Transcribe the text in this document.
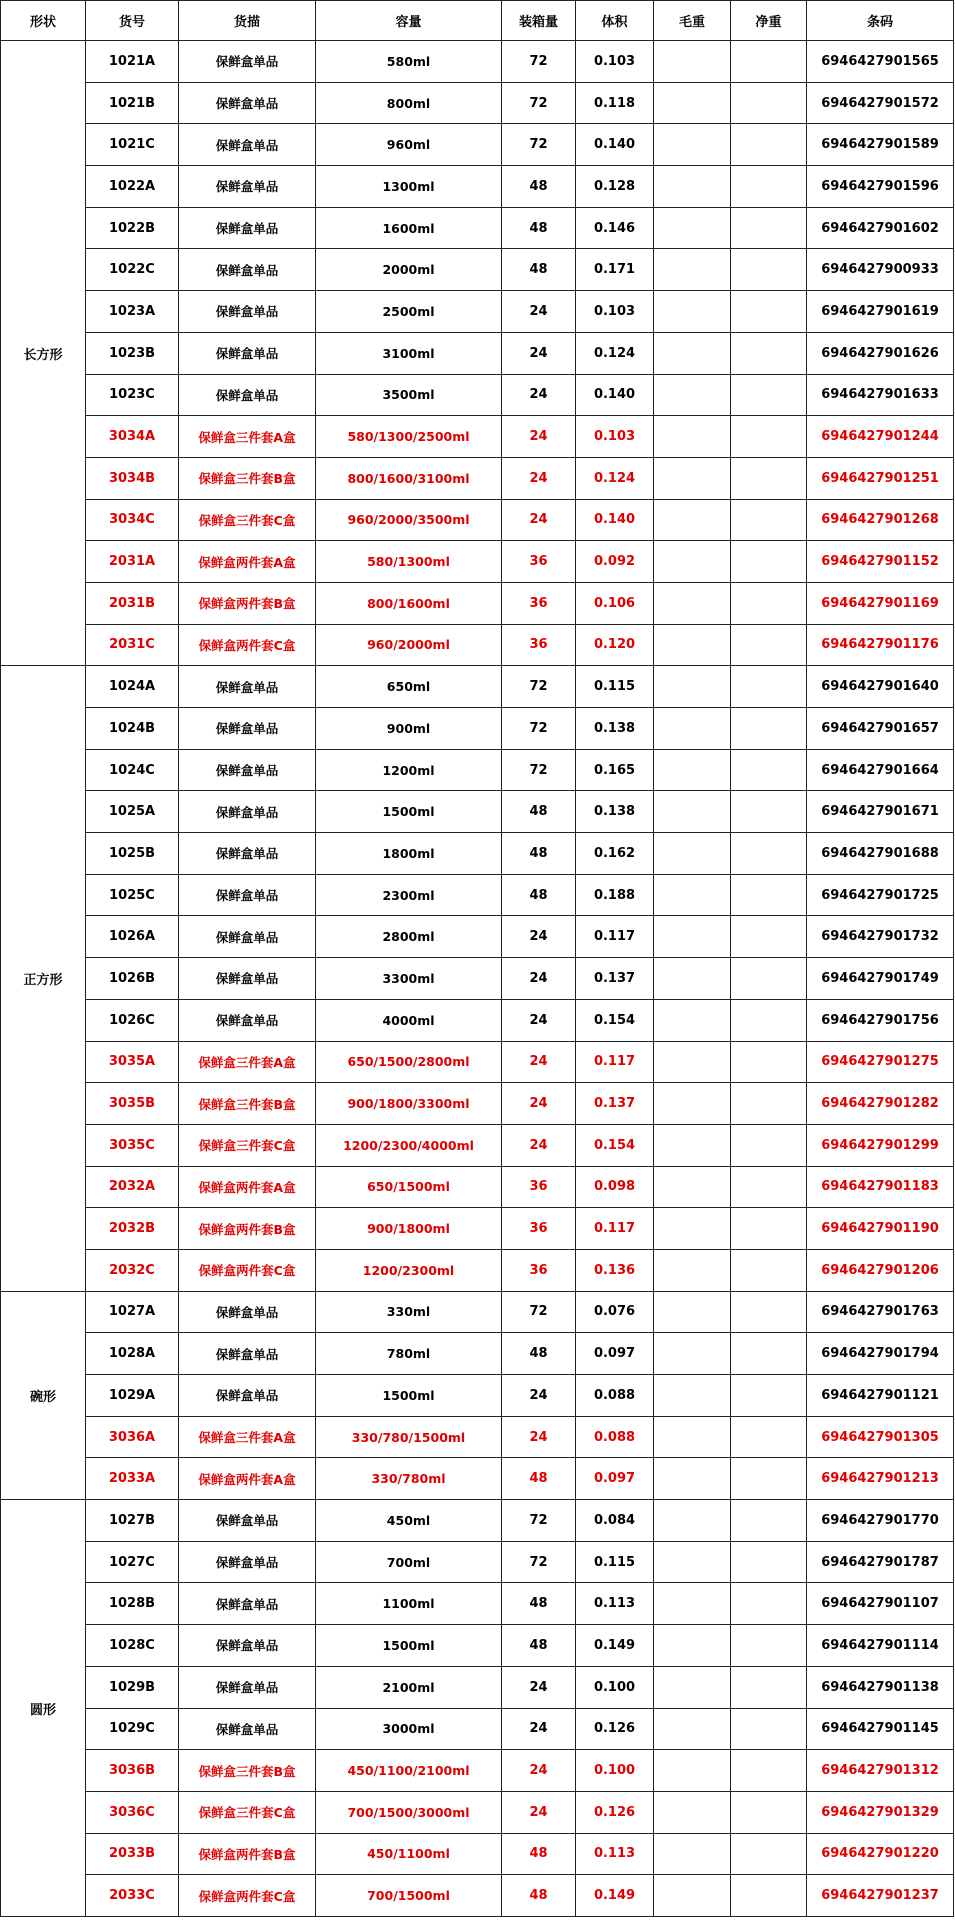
形状	货号	货描	容量	装箱量	体积	毛重	净重	条码
长方形	1021A	保鲜盒单品	580ml	72	0.103			6946427901565
	1021B	保鲜盒单品	800ml	72	0.118			6946427901572
	1021C	保鲜盒单品	960ml	72	0.140			6946427901589
	1022A	保鲜盒单品	1300ml	48	0.128			6946427901596
	1022B	保鲜盒单品	1600ml	48	0.146			6946427901602
	1022C	保鲜盒单品	2000ml	48	0.171			6946427900933
	1023A	保鲜盒单品	2500ml	24	0.103			6946427901619
	1023B	保鲜盒单品	3100ml	24	0.124			6946427901626
	1023C	保鲜盒单品	3500ml	24	0.140			6946427901633
	3034A	保鲜盒三件套A盒	580/1300/2500ml	24	0.103			6946427901244
	3034B	保鲜盒三件套B盒	800/1600/3100ml	24	0.124			6946427901251
	3034C	保鲜盒三件套C盒	960/2000/3500ml	24	0.140			6946427901268
	2031A	保鲜盒两件套A盒	580/1300ml	36	0.092			6946427901152
	2031B	保鲜盒两件套B盒	800/1600ml	36	0.106			6946427901169
	2031C	保鲜盒两件套C盒	960/2000ml	36	0.120			6946427901176
正方形	1024A	保鲜盒单品	650ml	72	0.115			6946427901640
	1024B	保鲜盒单品	900ml	72	0.138			6946427901657
	1024C	保鲜盒单品	1200ml	72	0.165			6946427901664
	1025A	保鲜盒单品	1500ml	48	0.138			6946427901671
	1025B	保鲜盒单品	1800ml	48	0.162			6946427901688
	1025C	保鲜盒单品	2300ml	48	0.188			6946427901725
	1026A	保鲜盒单品	2800ml	24	0.117			6946427901732
	1026B	保鲜盒单品	3300ml	24	0.137			6946427901749
	1026C	保鲜盒单品	4000ml	24	0.154			6946427901756
	3035A	保鲜盒三件套A盒	650/1500/2800ml	24	0.117			6946427901275
	3035B	保鲜盒三件套B盒	900/1800/3300ml	24	0.137			6946427901282
	3035C	保鲜盒三件套C盒	1200/2300/4000ml	24	0.154			6946427901299
	2032A	保鲜盒两件套A盒	650/1500ml	36	0.098			6946427901183
	2032B	保鲜盒两件套B盒	900/1800ml	36	0.117			6946427901190
	2032C	保鲜盒两件套C盒	1200/2300ml	36	0.136			6946427901206
碗形	1027A	保鲜盒单品	330ml	72	0.076			6946427901763
	1028A	保鲜盒单品	780ml	48	0.097			6946427901794
	1029A	保鲜盒单品	1500ml	24	0.088			6946427901121
	3036A	保鲜盒三件套A盒	330/780/1500ml	24	0.088			6946427901305
	2033A	保鲜盒两件套A盒	330/780ml	48	0.097			6946427901213
圆形	1027B	保鲜盒单品	450ml	72	0.084			6946427901770
	1027C	保鲜盒单品	700ml	72	0.115			6946427901787
	1028B	保鲜盒单品	1100ml	48	0.113			6946427901107
	1028C	保鲜盒单品	1500ml	48	0.149			6946427901114
	1029B	保鲜盒单品	2100ml	24	0.100			6946427901138
	1029C	保鲜盒单品	3000ml	24	0.126			6946427901145
	3036B	保鲜盒三件套B盒	450/1100/2100ml	24	0.100			6946427901312
	3036C	保鲜盒三件套C盒	700/1500/3000ml	24	0.126			6946427901329
	2033B	保鲜盒两件套B盒	450/1100ml	48	0.113			6946427901220
	2033C	保鲜盒两件套C盒	700/1500ml	48	0.149			6946427901237
